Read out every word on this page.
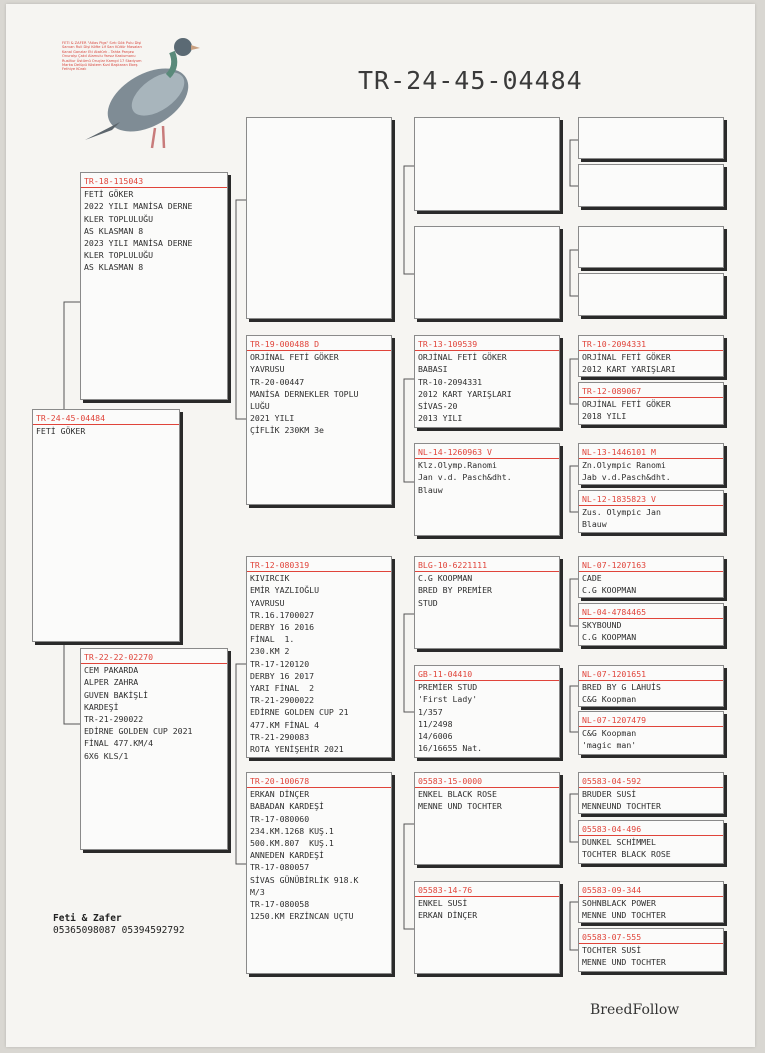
FETI & ZAFER "Atlas Pigs" Sırtı Gök Pulu Dişi Sarvan Ruli Dişi Köfte Lif Sarı Kültür Masaları Kanal Ganzlar Eti Atatürk - Tahta Parçası Onuralşı Çakıl Alamulu Yarsız Kastumonu Rusiltur Üstümü Oruçlar Kamgıl 17 Stadyum Marka Delüpü Köstem Kızıl Başkaran Ebeş Fethiye Küralı	TR-24-45-04484
TR-24-45-04484
FETİ GÖKER
TR-18-115043
FETİ GÖKER
2022 YILI MANİSA DERNE
KLER TOPLULUĞU
AS KLASMAN 8
2023 YILI MANİSA DERNE
KLER TOPLULUĞU
AS KLASMAN 8
TR-22-22-02270
CEM PAKARDA
ALPER ZAHRA
GUVEN BAKİŞLİ
KARDEŞİ
TR-21-290022
EDİRNE GOLDEN CUP 2021
FİNAL 477.KM/4
6X6 KLS/1
TR-19-000488 D
ORJİNAL FETİ GÖKER
YAVRUSU
TR-20-00447
MANİSA DERNEKLER TOPLU
LUĞU
2021 YILI
ÇİFLİK 230KM 3e
TR-12-080319
KIVIRCIK
EMİR YAZLIOĞLU
YAVRUSU
TR.16.1700027
DERBY 16 2016
FİNAL  1.
230.KM 2
TR-17-120120
DERBY 16 2017
YARI FİNAL  2
TR-21-2900022
EDİRNE GOLDEN CUP 21
477.KM FİNAL 4
TR-21-290083
ROTA YENİŞEHİR 2021
TR-20-100678
ERKAN DİNÇER
BABADAN KARDEŞİ
TR-17-080060
234.KM.1268 KUŞ.1
500.KM.807  KUŞ.1
ANNEDEN KARDEŞİ
TR-17-080057
SİVAS GÜNÜBİRLİK 918.K
M/3
TR-17-080058
1250.KM ERZİNCAN UÇTU
TR-13-109539
ORJİNAL FETİ GÖKER
BABASI
TR-10-2094331
2012 KART YARIŞLARI
SİVAS-20
2013 YILI
NL-14-1260963 V
Klz.Olymp.Ranomi
Jan v.d. Pasch&dht.
Blauw
BLG-10-6221111
C.G KOOPMAN
BRED BY PREMİER
STUD
GB-11-04410
PREMİER STUD
'First Lady'
1/357
11/2498
14/6006
16/16655 Nat.
05583-15-0000
ENKEL BLACK ROSE
MENNE UND TOCHTER
05583-14-76
ENKEL SUSİ
ERKAN DİNÇER
TR-10-2094331
ORJİNAL FETİ GÖKER
2012 KART YARIŞLARI
TR-12-089067
ORJİNAL FETİ GÖKER
2018 YILI
NL-13-1446101 M
Zn.Olympic Ranomi
Jab v.d.Pasch&dht.
NL-12-1835823 V
Zus. Olympic Jan
Blauw
NL-07-1207163
CADE
C.G KOOPMAN
NL-04-4784465
SKYBOUND
C.G KOOPMAN
NL-07-1201651
BRED BY G LAHUİS
C&G Koopman
NL-07-1207479
C&G Koopman
'magic man'
05583-04-592
BRUDER SUSİ
MENNEUND TOCHTER
05583-04-496
DUNKEL SCHİMMEL
TOCHTER BLACK ROSE
05583-09-344
SOHNBLACK POWER
MENNE UND TOCHTER
05583-07-555
TOCHTER SUSİ
MENNE UND TOCHTER
Feti & Zafer
05365098087 05394592792
BreedFollow
